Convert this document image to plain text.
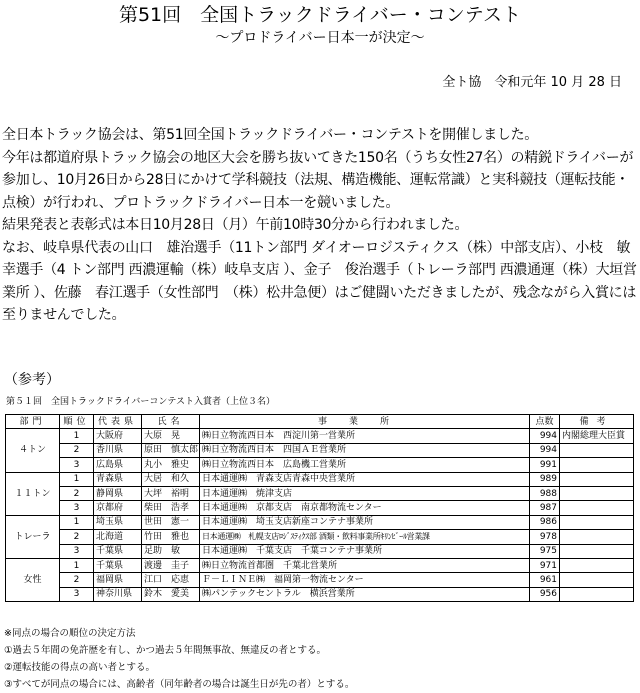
第51回　全国トラックドライバー・コンテスト
～プロドライバー日本一が決定～
全ト協　令和元年 10 月 28 日

全日本トラック協会は、第51回全国トラックドライバー・コンテストを開催しました。

今年は都道府県トラック協会の地区大会を勝ち抜いてきた150名（うち女性27名）の精鋭ドライバーが参加し、10月26日から28日にかけて学科競技（法規、構造機能、運転常識）と実科競技（運転技能・点検）が行われ、プロトラックドライバー日本一を競いました。

結果発表と表彰式は本日10月28日（月）午前10時30分から行われました。

なお、岐阜県代表の山口　雄治選手（11トン部門 ダイオーロジスティクス（株）中部支店）、小枝　敏幸選手（4 トン部門 西濃運輸（株）岐阜支店 ）、金子　俊治選手（トレーラ部門 西濃通運（株）大垣営業所 ）、佐藤　春江選手（女性部門　（株）松井急便）はご健闘いただきましたが、残念ながら入賞には至りませんでした。

（参考）
第５１回　全国トラックドライバーコンテスト入賞者（上位３名）
部門	順位	代表県	氏名	事業所	点数	備考
４トン	1	大阪府	大原　晃	㈱日立物流西日本　西淀川第一営業所	994	内閣総理大臣賞
	2	香川県	原田　慎太郎	㈱日立物流西日本　四国ＡＥ営業所	994	
	3	広島県	丸小　雅史	㈱日立物流西日本　広島機工営業所	991	
１１トン	1	青森県	大居　和久	日本通運㈱　青森支店青森中央営業所	989	
	2	静岡県	大坪　裕明	日本通運㈱　焼津支店	988	
	3	京都府	柴田　浩孝	日本通運㈱　京都支店　南京都物流センター	987	
トレーラ	1	埼玉県	世田　憲一	日本通運㈱　埼玉支店新座コンテナ事業所	986	
	2	北海道	竹田　雅也	日本通運㈱　札幌支店ﾛｼﾞｽﾃｨｸｽ部 酒類・飲料事業所ｷﾘﾝﾋﾞｰﾙ営業課	978	
	3	千葉県	足助　敏	日本通運㈱　千葉支店　千葉コンテナ事業所	975	
女性	1	千葉県	渡邊　圭子	㈱日立物流首都圏　千葉北営業所	971	
	2	福岡県	江口　応恵	Ｆ－ＬＩＮＥ㈱　福岡第一物流センター	961	
	3	神奈川県	鈴木　愛美	㈱パンテックセントラル　横浜営業所	956	
※同点の場合の順位の決定方法
①過去５年間の免許歴を有し、かつ過去５年間無事故、無違反の者とする。
②運転技能の得点の高い者とする。
③すべてが同点の場合には、高齢者（同年齢者の場合は誕生日が先の者）とする。
